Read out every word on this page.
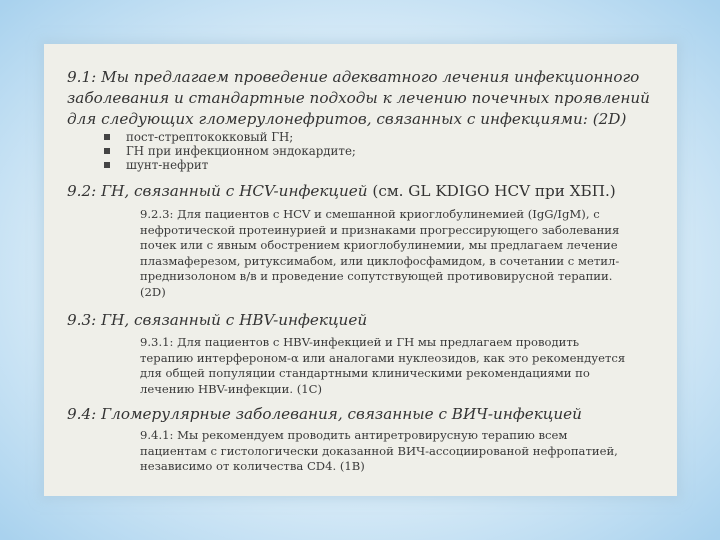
9.1: Мы предлагаем проведение адекватного лечения инфекционного
заболевания и стандартные подходы к лечению почечных проявлений
для следующих гломерулонефритов, связанных с инфекциями: (2D)
пост-стрептококковый ГН;
ГН при инфекционном эндокардите;
шунт-нефрит
9.2: ГН, связанный с HCV-инфекцией (см. GL KDIGO HCV при ХБП.)
9.2.3: Для пациентов с HCV и смешанной криоглобулинемией (IgG/IgM), с
нефротической протеинурией и признаками прогрессирующего заболевания
почек или с явным обострением криоглобулинемии, мы предлагаем лечение
плазмаферезом, ритуксимабом, или циклофосфамидом, в сочетании с метил-
преднизолоном в/в и проведение сопутствующей противовирусной терапии.
(2D)
9.3: ГН, связанный с HBV-инфекцией
9.3.1: Для пациентов с HBV-инфекцией и ГН мы предлагаем проводить
терапию интерфероном-α или аналогами нуклеозидов, как это рекомендуется
для общей популяции стандартными клиническими рекомендациями по
лечению HBV-инфекции. (1C)
9.4: Гломерулярные заболевания, связанные с ВИЧ-инфекцией
9.4.1: Мы рекомендуем проводить антиретровирусную терапию всем
пациентам с гистологически доказанной ВИЧ-ассоциированой нефропатией,
независимо от количества CD4. (1B)
